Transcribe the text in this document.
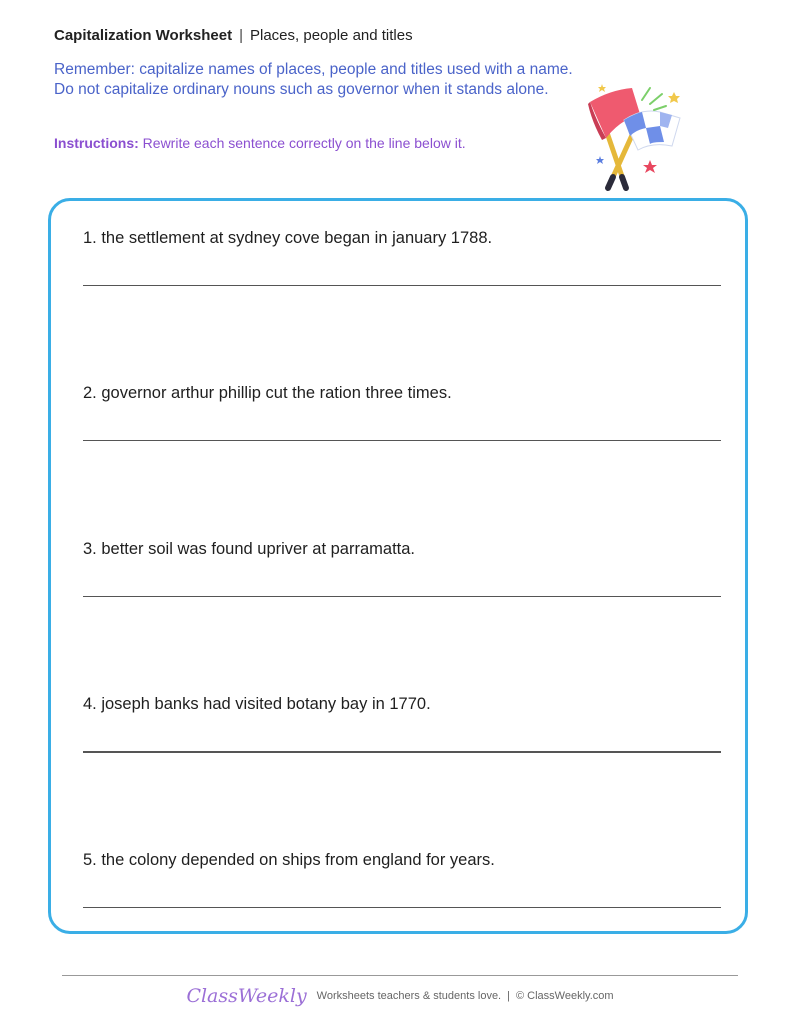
Capitalization Worksheet | Places, people and titles
Remember: capitalize names of places, people and titles used with a name. Do not capitalize ordinary nouns such as governor when it stands alone.
Instructions: Rewrite each sentence correctly on the line below it.
1. the settlement at sydney cove began in january 1788.
2. governor arthur phillip cut the ration three times.
3. better soil was found upriver at parramatta.
4. joseph banks had visited botany bay in 1770.
5. the colony depended on ships from england for years.
ClassWeekly Worksheets teachers & students love. | © ClassWeekly.com
